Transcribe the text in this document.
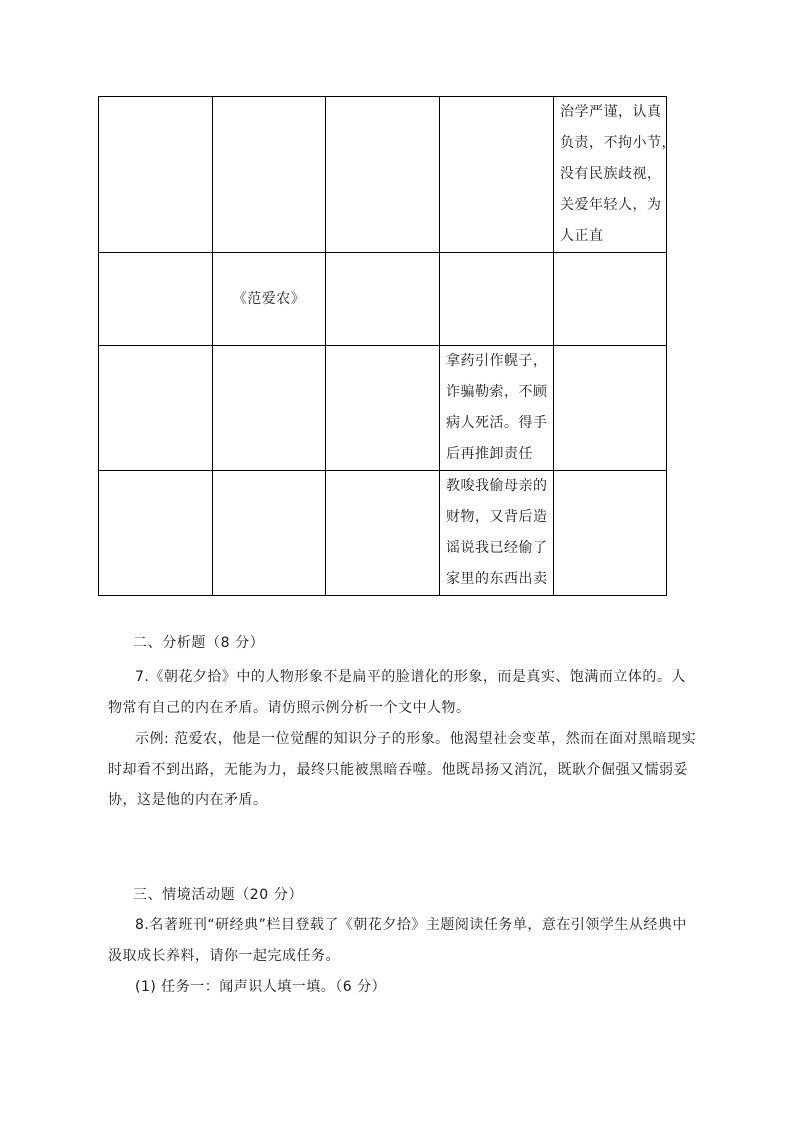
				治学严谨，认真
负责，不拘小节，
没有民族歧视，
关爱年轻人，为
人正直

	《范爱农》			

			拿药引作幌子，
诈骗勒索，不顾
病人死活。得手
后再推卸责任	

			教唆我偷母亲的
财物，又背后造
谣说我已经偷了
家里的东西出卖	

二、分析题（8 分）

7.《朝花夕拾》中的人物形象不是扁平的脸谱化的形象，而是真实、饱满而立体的。人物常有自己的内在矛盾。请仿照示例分析一个文中人物。

示例: 范爱农，他是一位觉醒的知识分子的形象。他渴望社会变革，然而在面对黑暗现实时却看不到出路，无能为力，最终只能被黑暗吞噬。他既昂扬又消沉，既耿介倔强又懦弱妥协，这是他的内在矛盾。

三、情境活动题（20 分）

8.名著班刊“研经典”栏目登载了《朝花夕拾》主题阅读任务单，意在引领学生从经典中汲取成长养料，请你一起完成任务。

(1) 任务一：闻声识人填一填。（6 分）
